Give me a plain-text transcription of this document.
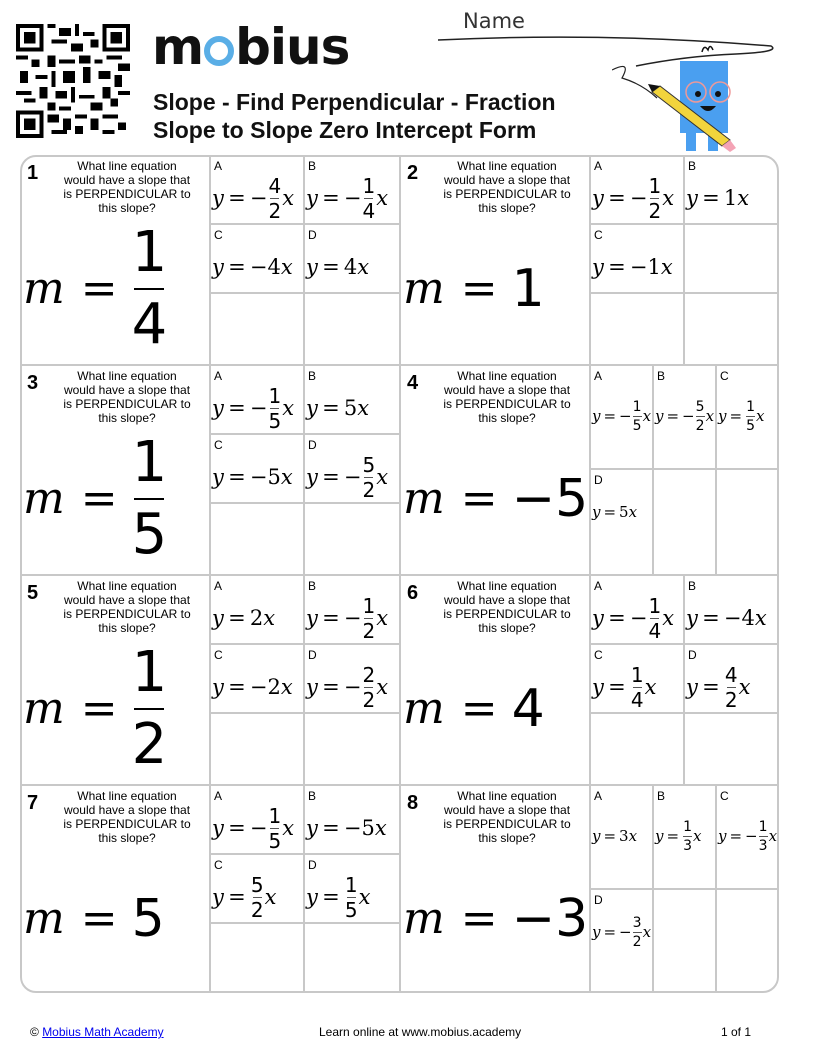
m bius
Slope - Find Perpendicular - Fraction
Slope to Slope Zero Intercept Form
Name
1	What line equation would have a slope that is PERPENDICULAR to this slope?
m =
1
4
A
y  =  − $\frac{4}{2}$ x
B
y  =  − $\frac{1}{4}$ x
C
y  =  −4 x
D
y  =  4 x
2	What line equation would have a slope that is PERPENDICULAR to this slope?
m = 1
A
y  =  − $\frac{1}{2}$ x
B
y  =  1 x
C
y  =  −1 x
3	What line equation would have a slope that is PERPENDICULAR to this slope?
m =
1
5
A
y  =  − $\frac{1}{5}$ x
B
y  =  5 x
C
y  =  −5 x
D
y  =  − $\frac{5}{2}$ x
4	What line equation would have a slope that is PERPENDICULAR to this slope?
m = −5
A
y  =  − $\frac{1}{5}$ x
B
y  =  − $\frac{5}{2}$ x
C
$y = \frac{1}{5}$ x
D
y  =  5 x
5	What line equation would have a slope that is PERPENDICULAR to this slope?
m =
1
2
A
y  =  2 x
B
y  =  − $\frac{1}{2}$ x
C
y  =  −2 x
D
y  =  − $\frac{2}{2}$ x
6	What line equation would have a slope that is PERPENDICULAR to this slope?
m = 4
A
y  =  − $\frac{1}{4}$ x
B
y  =  −4 x
C
$y = \frac{1}{4}$ x
D
$y = \frac{4}{2}$ x
7	What line equation would have a slope that is PERPENDICULAR to this slope?
m = 5
A
y  =  − $\frac{1}{5}$ x
B
y  =  −5 x
C
$y = \frac{5}{2}$ x
D
$y = \frac{1}{5}$ x
8	What line equation would have a slope that is PERPENDICULAR to this slope?
m = −3
A
y  =  3 x
B
$y = \frac{1}{3}$ x
C
y  =  − $\frac{1}{3}$ x
D
y  =  − $\frac{3}{2}$ x
© Mobius Math Academy	Learn online at www.mobius.academy	1 of 1
